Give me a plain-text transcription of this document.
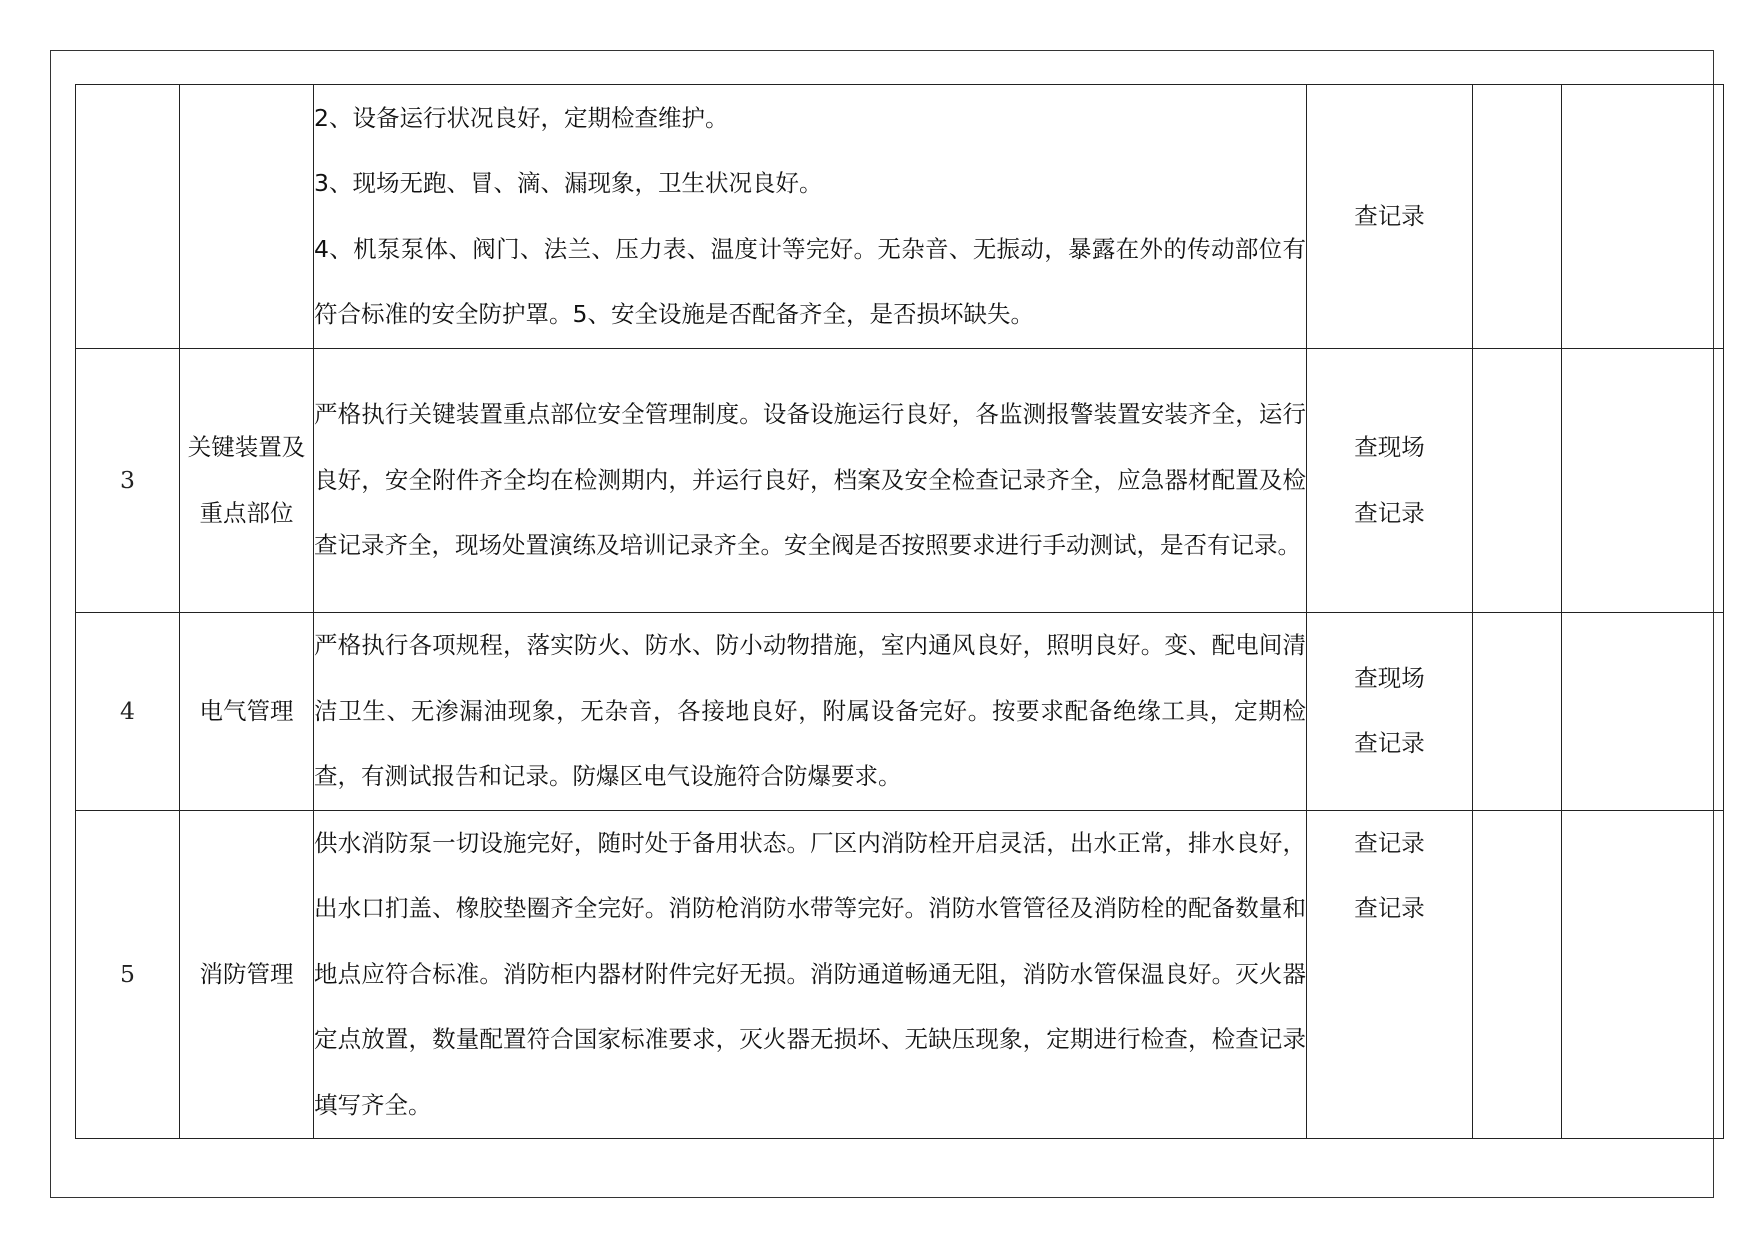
		2、设备运行状况良好，定期检查维护。

3、现场无跑、冒、滴、漏现象，卫生状况良好。

4、机泵泵体、阀门、法兰、压力表、温度计等完好。无杂音、无振动，暴露在外的传动部位有符合标准的安全防护罩。5、安全设施是否配备齐全，是否损坏缺失。	查记录		

3	关键装置及重点部位	严格执行关键装置重点部位安全管理制度。设备设施运行良好，各监测报警装置安装齐全，运行良好，安全附件齐全均在检测期内，并运行良好，档案及安全检查记录齐全，应急器材配置及检查记录齐全，现场处置演练及培训记录齐全。安全阀是否按照要求进行手动测试，是否有记录。	查现场
查记录		

4	电气管理	严格执行各项规程，落实防火、防水、防小动物措施，室内通风良好，照明良好。变、配电间清洁卫生、无渗漏油现象，无杂音，各接地良好，附属设备完好。按要求配备绝缘工具，定期检查，有测试报告和记录。防爆区电气设施符合防爆要求。	查现场
查记录		

5	消防管理	供水消防泵一切设施完好，随时处于备用状态。厂区内消防栓开启灵活，出水正常，排水良好，出水口扪盖、橡胶垫圈齐全完好。消防枪消防水带等完好。消防水管管径及消防栓的配备数量和地点应符合标准。消防柜内器材附件完好无损。消防通道畅通无阻，消防水管保温良好。灭火器定点放置，数量配置符合国家标准要求，灭火器无损坏、无缺压现象，定期进行检查，检查记录填写齐全。	查记录
查记录		
